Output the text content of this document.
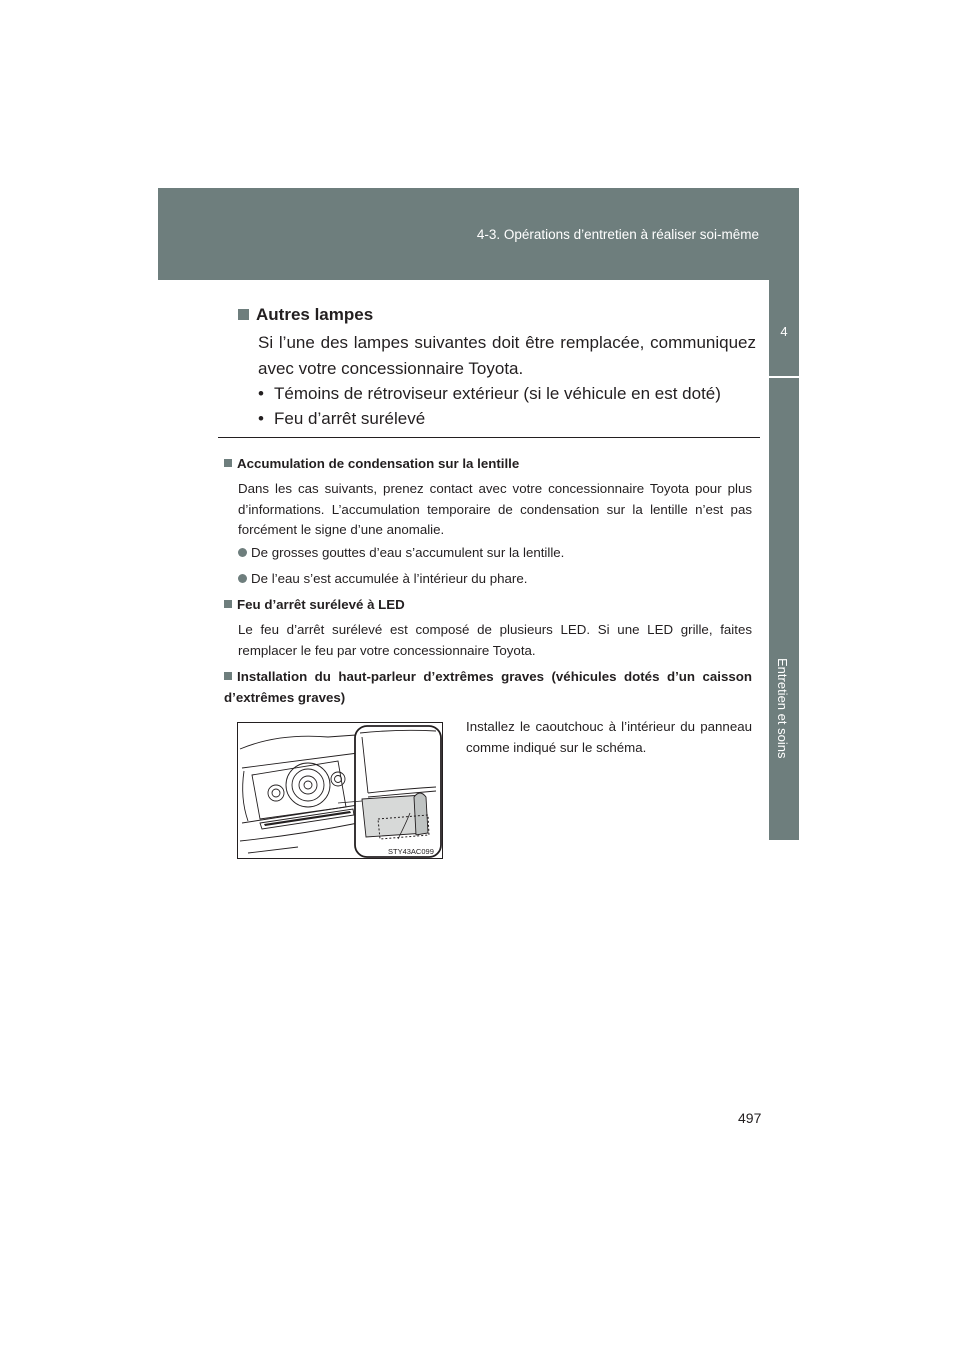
4-3. Opérations d’entretien à réaliser soi-même
4
Entretien et soins
Autres lampes
Si l’une des lampes suivantes doit être remplacée, communiquez avec votre concessionnaire Toyota.
• Témoins de rétroviseur extérieur (si le véhicule en est doté)
• Feu d’arrêt surélevé
Accumulation de condensation sur la lentille
Dans les cas suivants, prenez contact avec votre concessionnaire Toyota pour plus d’informations. L’accumulation temporaire de condensation sur la lentille n’est pas forcément le signe d’une anomalie.
De grosses gouttes d’eau s’accumulent sur la lentille.
De l’eau s’est accumulée à l’intérieur du phare.
Feu d’arrêt surélevé à LED
Le feu d’arrêt surélevé est composé de plusieurs LED. Si une LED grille, faites remplacer le feu par votre concessionnaire Toyota.
Installation du haut-parleur d’extrêmes graves (véhicules dotés d’un caisson d’extrêmes graves)
STY43AC099
Installez le caoutchouc à l’intérieur du panneau comme indiqué sur le schéma.
497
